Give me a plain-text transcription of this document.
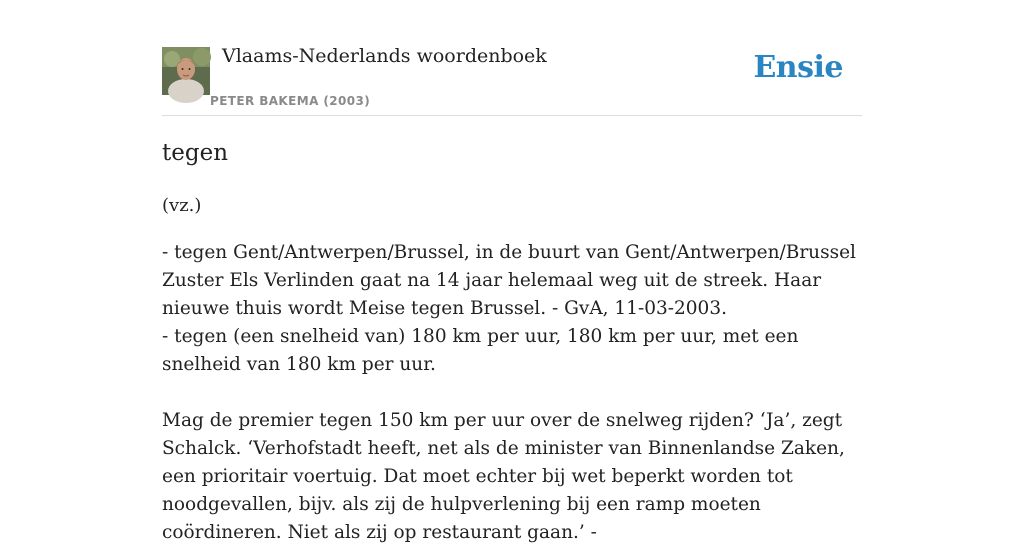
Vlaams-Nederlands woordenboek
PETER BAKEMA (2003)
Ensie
tegen
(vz.)

- tegen Gent/Antwerpen/Brussel, in de buurt van Gent/Antwerpen/Brussel Zuster Els Verlinden gaat na 14 jaar helemaal weg uit de streek. Haar nieuwe thuis wordt Meise tegen Brussel. - GvA, 11-03-2003.

- tegen (een snelheid van) 180 km per uur, 180 km per uur, met een snelheid van 180 km per uur.

Mag de premier tegen 150 km per uur over de snelweg rijden? ‘Ja’, zegt Schalck. ‘Verhofstadt heeft, net als de minister van Binnenlandse Zaken, een prioritair voertuig. Dat moet echter bij wet beperkt worden tot noodgevallen, bijv. als zij de hulpverlening bij een ramp moeten coördineren. Niet als zij op restaurant gaan.’ -
